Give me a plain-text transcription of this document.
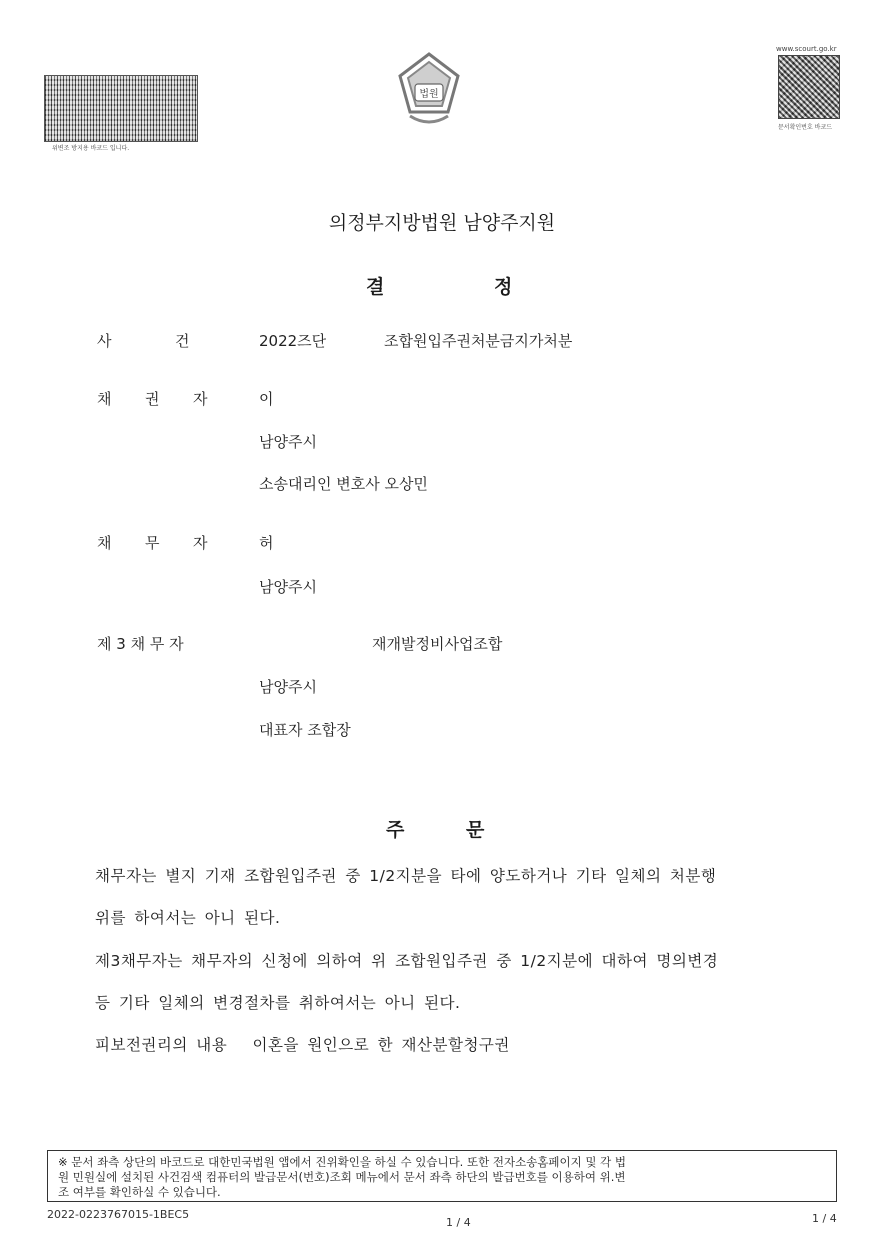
위변조 방지용 바코드 입니다.
법원
www.scourt.go.kr
문서확인번호 바코드
의정부지방법원 남양주지원
결	정
사	건	2022즈단	조합원입주권처분금지가처분
채  권  자	이
남양주시
소송대리인 변호사 오상민
채  무  자	허
남양주시
제 3 채 무 자	재개발정비사업조합
남양주시
대표자 조합장
주	문
채무자는 별지 기재 조합원입주권 중 1/2지분을 타에 양도하거나 기타 일체의 처분행
위를 하여서는 아니 된다.
제3채무자는 채무자의 신청에 의하여 위 조합원입주권 중 1/2지분에 대하여 명의변경
등 기타 일체의 변경절차를 취하여서는 아니 된다.
피보전권리의 내용   이혼을 원인으로 한 재산분할청구권
※ 문서 좌측 상단의 바코드로 대한민국법원 앱에서 진위확인을 하실 수 있습니다. 또한 전자소송홈페이지 및 각 법
원 민원실에 설치된 사건검색 컴퓨터의 발급문서(번호)조회 메뉴에서 문서 좌측 하단의 발급번호를 이용하여 위.변
조 여부를 확인하실 수 있습니다.
2022-0223767015-1BEC5
1 / 4	1 / 4
